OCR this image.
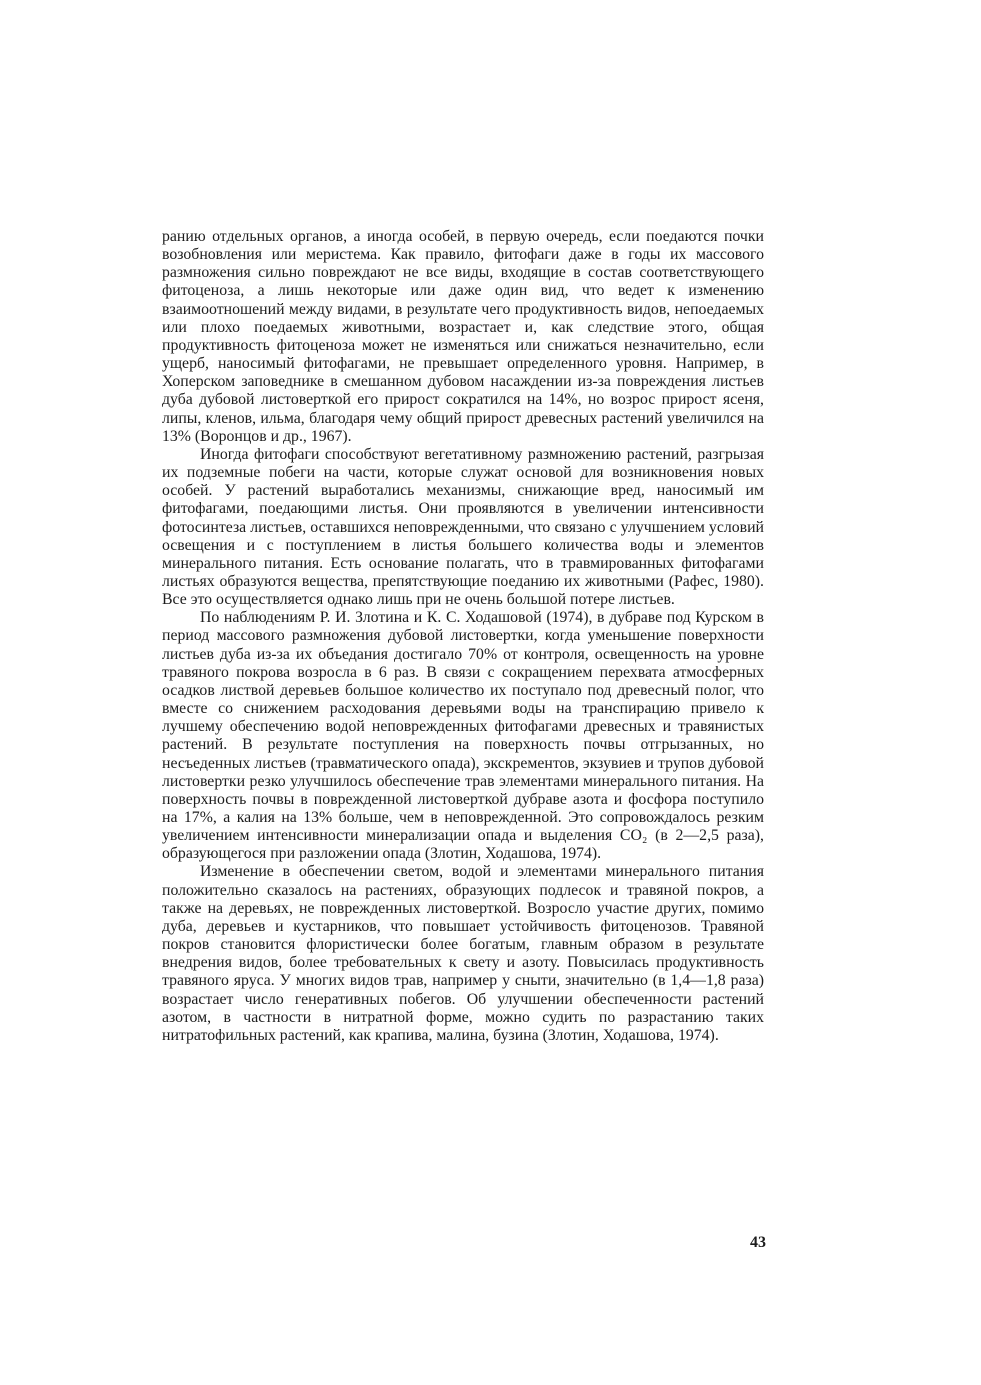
ранию отдельных органов, а иногда особей, в первую очередь, если поедаются почки возобновления или меристема. Как правило, фитофаги даже в годы их массового размножения сильно повреждают не все виды, входящие в состав соответствующего фитоценоза, а лишь некоторые или даже один вид, что ведет к изменению взаимоотношений между видами, в результате чего продуктивность видов, непоедаемых или плохо поедаемых животными, возрастает и, как следствие этого, общая продуктивность фитоценоза может не изменяться или снижаться незначительно, если ущерб, наносимый фитофагами, не превышает определенного уровня. Например, в Хоперском заповеднике в смешанном дубовом насаждении из-за повреждения листьев дуба дубовой листоверткой его прирост сократился на 14%, но возрос прирост ясеня, липы, кленов, ильма, благодаря чему общий прирост древесных растений увеличился на 13% (Воронцов и др., 1967).

Иногда фитофаги способствуют вегетативному размножению растений, разгрызая их подземные побеги на части, которые служат основой для возникновения новых особей. У растений выработались механизмы, снижающие вред, наносимый им фитофагами, поедающими листья. Они проявляются в увеличении интенсивности фотосинтеза листьев, оставшихся неповрежденными, что связано с улучшением условий освещения и с поступлением в листья большего количества воды и элементов минерального питания. Есть основание полагать, что в травмированных фитофагами листьях образуются вещества, препятствующие поеданию их животными (Рафес, 1980). Все это осуществляется однако лишь при не очень большой потере листьев.

По наблюдениям Р. И. Злотина и К. С. Ходашовой (1974), в дубраве под Курском в период массового размножения дубовой листовертки, когда уменьшение поверхности листьев дуба из-за их объедания достигало 70% от контроля, освещенность на уровне травяного покрова возросла в 6 раз. В связи с сокращением перехвата атмосферных осадков листвой деревьев большое количество их поступало под древесный полог, что вместе со снижением расходования деревьями воды на транспирацию привело к лучшему обеспечению водой неповрежденных фитофагами древесных и травянистых растений. В результате поступления на поверхность почвы отгрызанных, но несъеденных листьев (травматического опада), экскрементов, экзувиев и трупов дубовой листовертки резко улучшилось обеспечение трав элементами минерального питания. На поверхность почвы в поврежденной листоверткой дубраве азота и фосфора поступило на 17%, а калия на 13% больше, чем в неповрежденной. Это сопровождалось резким увеличением интенсивности минерализации опада и выделения CO₂ (в 2—2,5 раза), образующегося при разложении опада (Злотин, Ходашова, 1974).

Изменение в обеспечении светом, водой и элементами минерального питания положительно сказалось на растениях, образующих подлесок и травяной покров, а также на деревьях, не поврежденных листоверткой. Возросло участие других, помимо дуба, деревьев и кустарников, что повышает устойчивость фитоценозов. Травяной покров становится флористически более богатым, главным образом в результате внедрения видов, более требовательных к свету и азоту. Повысилась продуктивность травяного яруса. У многих видов трав, например у сныти, значительно (в 1,4—1,8 раза) возрастает число генеративных побегов. Об улучшении обеспеченности растений азотом, в частности в нитратной форме, можно судить по разрастанию таких нитратофильных растений, как крапива, малина, бузина (Злотин, Ходашова, 1974).

43
